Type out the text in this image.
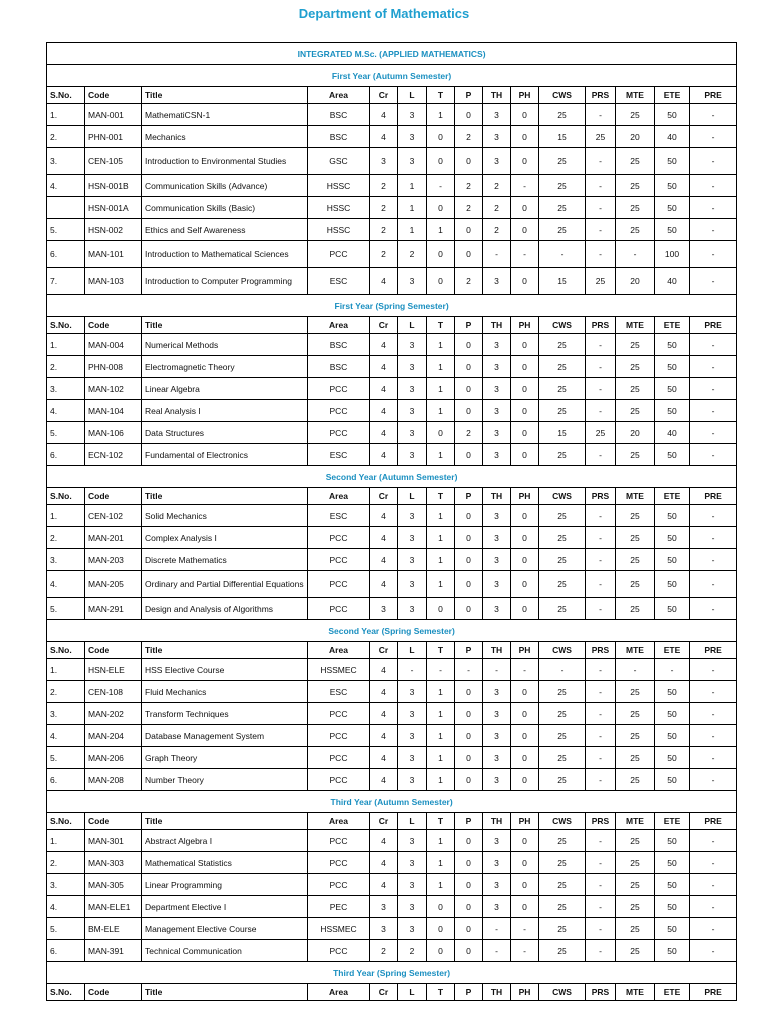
Department of Mathematics
INTEGRATED M.Sc. (APPLIED MATHEMATICS)														
First Year (Autumn Semester)														
S.No.	Code	Title	Area	Cr	L	T	P	TH	PH	CWS	PRS	MTE	ETE	PRE
1.	MAN-001	MathematiCSN-1	BSC	4	3	1	0	3	0	25	-	25	50	-
2.	PHN-001	Mechanics	BSC	4	3	0	2	3	0	15	25	20	40	-
3.	CEN-105	Introduction to Environmental Studies	GSC	3	3	0	0	3	0	25	-	25	50	-
4.	HSN-001B	Communication Skills (Advance)	HSSC	2	1	-	2	2	-	25	-	25	50	-
	HSN-001A	Communication Skills (Basic)	HSSC	2	1	0	2	2	0	25	-	25	50	-
5.	HSN-002	Ethics and Self Awareness	HSSC	2	1	1	0	2	0	25	-	25	50	-
6.	MAN-101	Introduction to Mathematical Sciences	PCC	2	2	0	0	-	-	-	-	-	100	-
7.	MAN-103	Introduction to Computer Programming	ESC	4	3	0	2	3	0	15	25	20	40	-
First Year (Spring Semester)														
S.No.	Code	Title	Area	Cr	L	T	P	TH	PH	CWS	PRS	MTE	ETE	PRE
1.	MAN-004	Numerical Methods	BSC	4	3	1	0	3	0	25	-	25	50	-
2.	PHN-008	Electromagnetic Theory	BSC	4	3	1	0	3	0	25	-	25	50	-
3.	MAN-102	Linear Algebra	PCC	4	3	1	0	3	0	25	-	25	50	-
4.	MAN-104	Real Analysis I	PCC	4	3	1	0	3	0	25	-	25	50	-
5.	MAN-106	Data Structures	PCC	4	3	0	2	3	0	15	25	20	40	-
6.	ECN-102	Fundamental of Electronics	ESC	4	3	1	0	3	0	25	-	25	50	-
Second Year (Autumn Semester)														
S.No.	Code	Title	Area	Cr	L	T	P	TH	PH	CWS	PRS	MTE	ETE	PRE
1.	CEN-102	Solid Mechanics	ESC	4	3	1	0	3	0	25	-	25	50	-
2.	MAN-201	Complex Analysis I	PCC	4	3	1	0	3	0	25	-	25	50	-
3.	MAN-203	Discrete Mathematics	PCC	4	3	1	0	3	0	25	-	25	50	-
4.	MAN-205	Ordinary and Partial Differential Equations	PCC	4	3	1	0	3	0	25	-	25	50	-
5.	MAN-291	Design and Analysis of Algorithms	PCC	3	3	0	0	3	0	25	-	25	50	-
Second Year (Spring Semester)														
S.No.	Code	Title	Area	Cr	L	T	P	TH	PH	CWS	PRS	MTE	ETE	PRE
1.	HSN-ELE	HSS Elective Course	HSSMEC	4	-	-	-	-	-	-	-	-	-	-
2.	CEN-108	Fluid Mechanics	ESC	4	3	1	0	3	0	25	-	25	50	-
3.	MAN-202	Transform Techniques	PCC	4	3	1	0	3	0	25	-	25	50	-
4.	MAN-204	Database Management System	PCC	4	3	1	0	3	0	25	-	25	50	-
5.	MAN-206	Graph Theory	PCC	4	3	1	0	3	0	25	-	25	50	-
6.	MAN-208	Number Theory	PCC	4	3	1	0	3	0	25	-	25	50	-
Third Year (Autumn Semester)														
S.No.	Code	Title	Area	Cr	L	T	P	TH	PH	CWS	PRS	MTE	ETE	PRE
1.	MAN-301	Abstract Algebra I	PCC	4	3	1	0	3	0	25	-	25	50	-
2.	MAN-303	Mathematical Statistics	PCC	4	3	1	0	3	0	25	-	25	50	-
3.	MAN-305	Linear Programming	PCC	4	3	1	0	3	0	25	-	25	50	-
4.	MAN-ELE1	Department Elective I	PEC	3	3	0	0	3	0	25	-	25	50	-
5.	BM-ELE	Management Elective Course	HSSMEC	3	3	0	0	-	-	25	-	25	50	-
6.	MAN-391	Technical Communication	PCC	2	2	0	0	-	-	25	-	25	50	-
Third Year (Spring Semester)														
S.No.	Code	Title	Area	Cr	L	T	P	TH	PH	CWS	PRS	MTE	ETE	PRE
